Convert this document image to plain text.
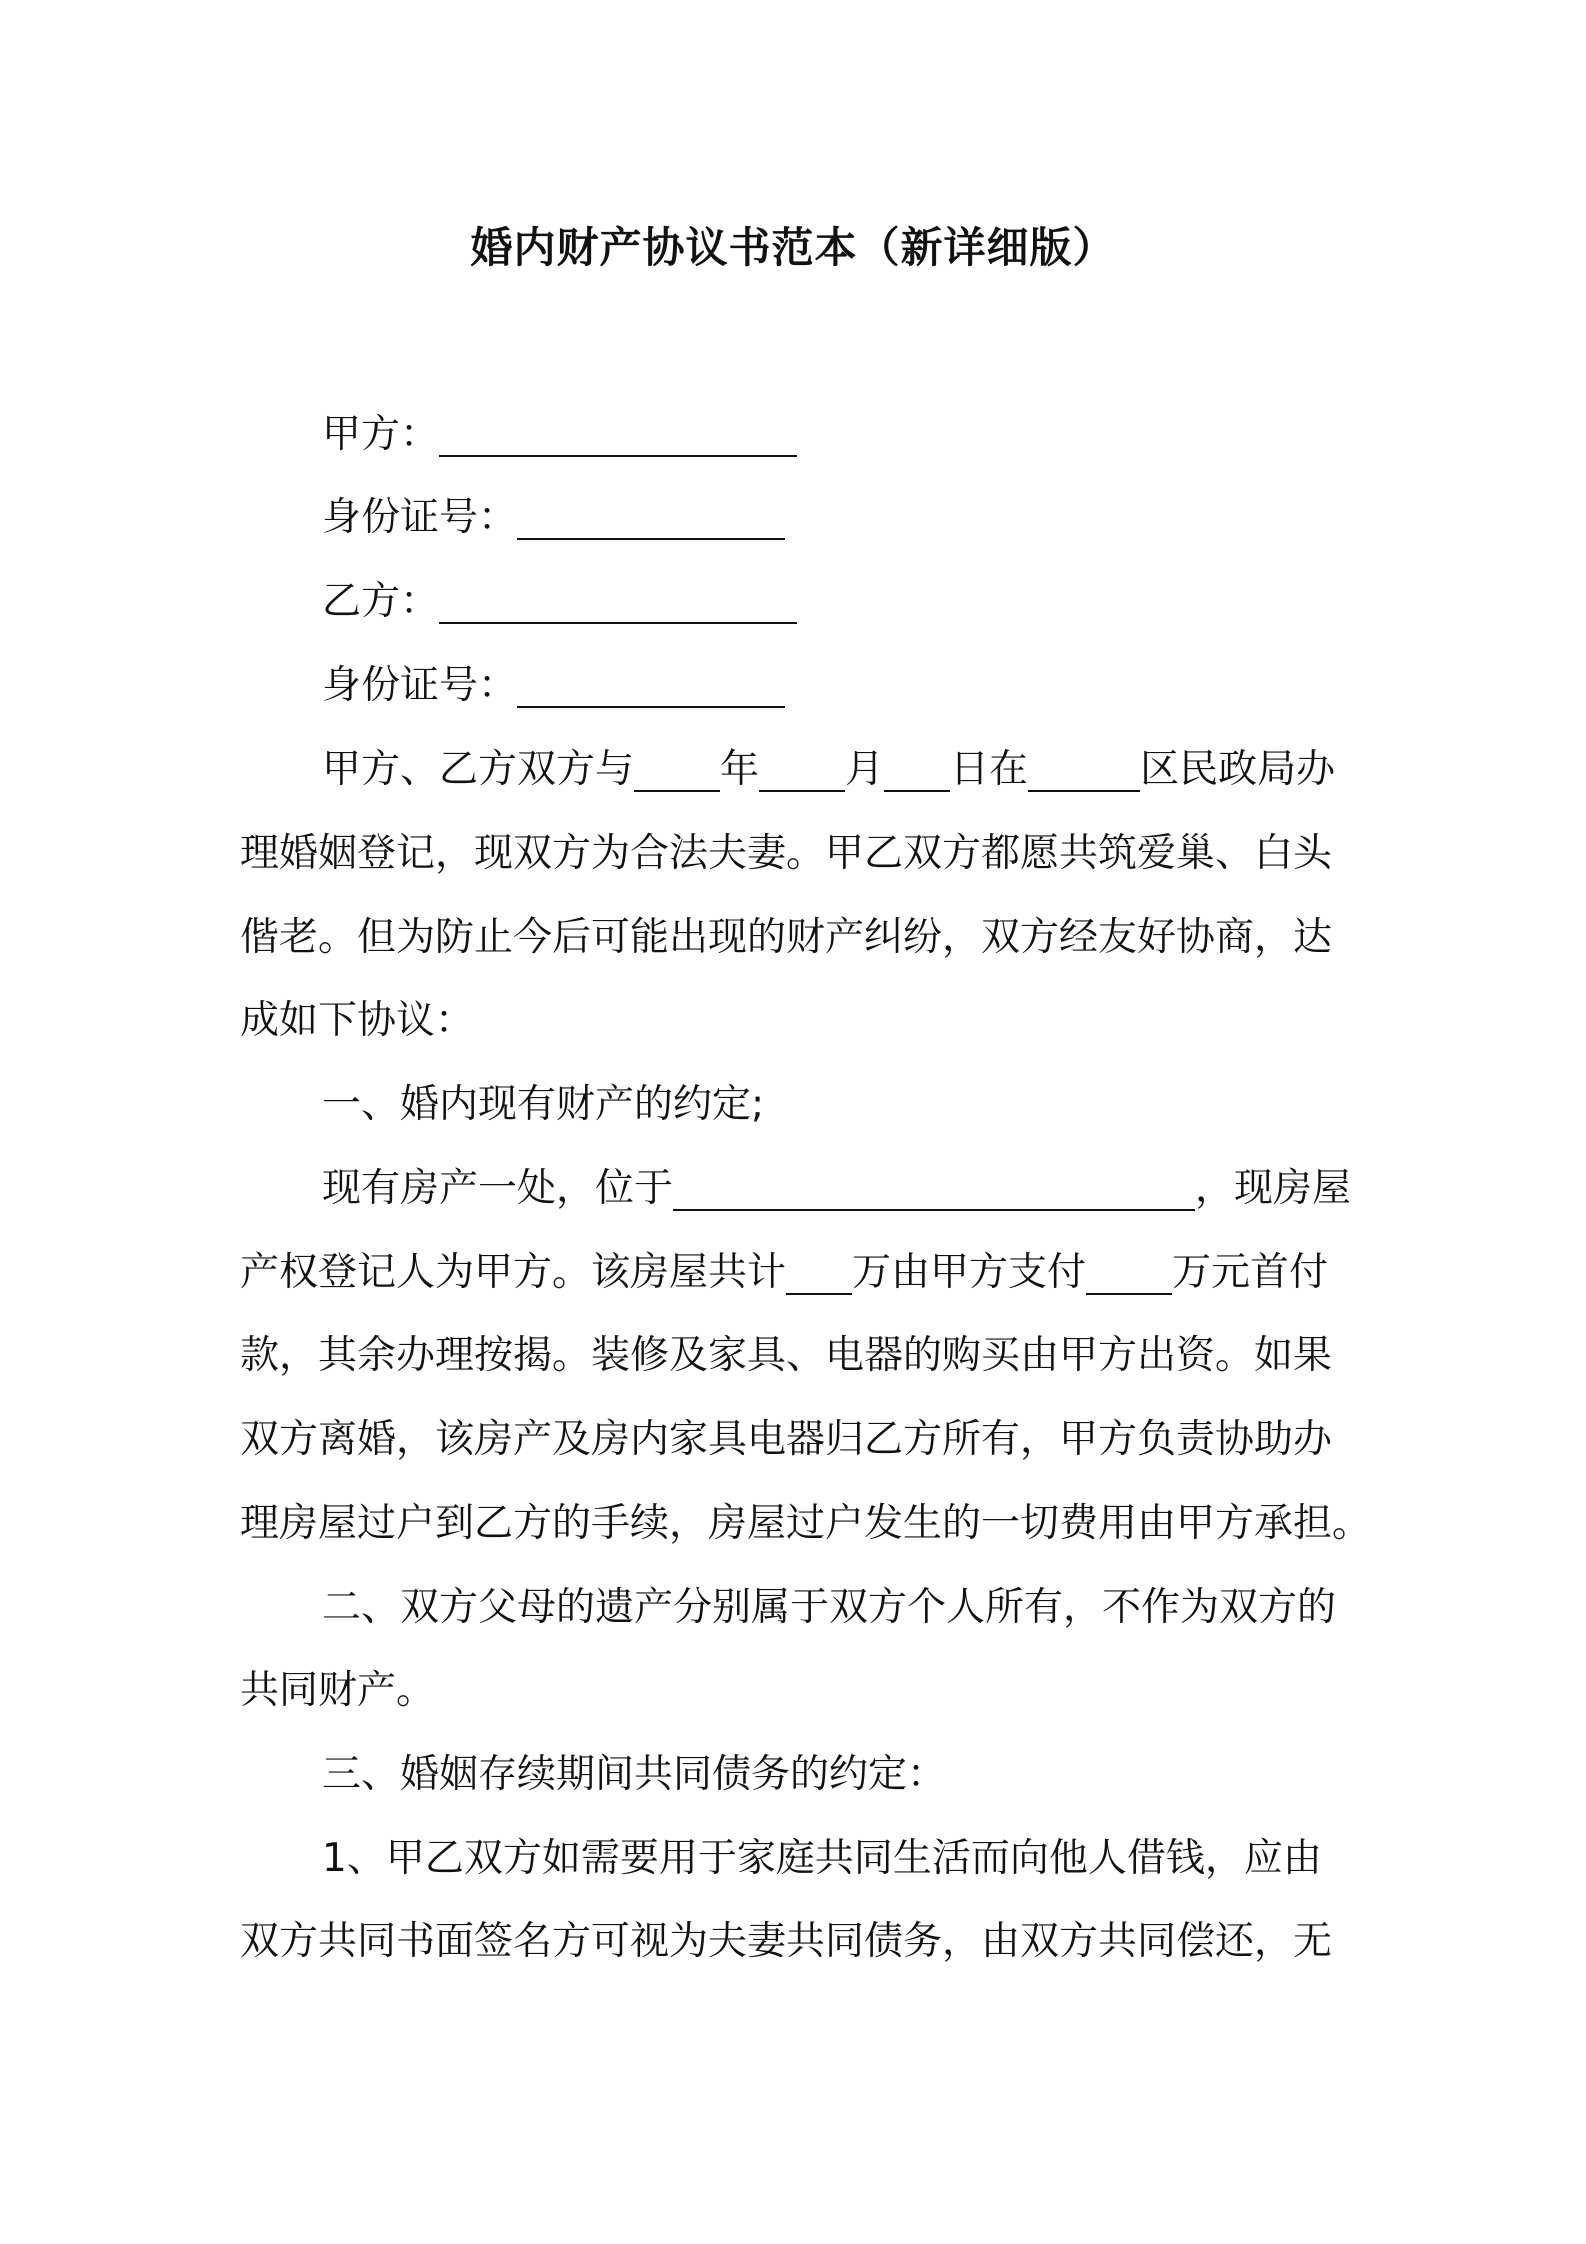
婚内财产协议书范本（新详细版）
甲方：
身份证号：
乙方：
身份证号：
甲方、乙方双方与 年 月 日在	区民政局办
理婚姻登记，现双方为合法夫妻。甲乙双方都愿共筑爱巢、白头
偕老。但为防止今后可能出现的财产纠纷，双方经友好协商，达
成如下协议：
一、婚内现有财产的约定;
现有房产一处，位于	，现房屋
产权登记人为甲方。该房屋共计 万由甲方支付 万元首付
款，其余办理按揭。装修及家具、电器的购买由甲方出资。如果
双方离婚，该房产及房内家具电器归乙方所有，甲方负责协助办
理房屋过户到乙方的手续，房屋过户发生的一切费用由甲方承担。
二、双方父母的遗产分别属于双方个人所有，不作为双方的
共同财产。
三、婚姻存续期间共同债务的约定：
1、甲乙双方如需要用于家庭共同生活而向他人借钱，应由
双方共同书面签名方可视为夫妻共同债务，由双方共同偿还，无
